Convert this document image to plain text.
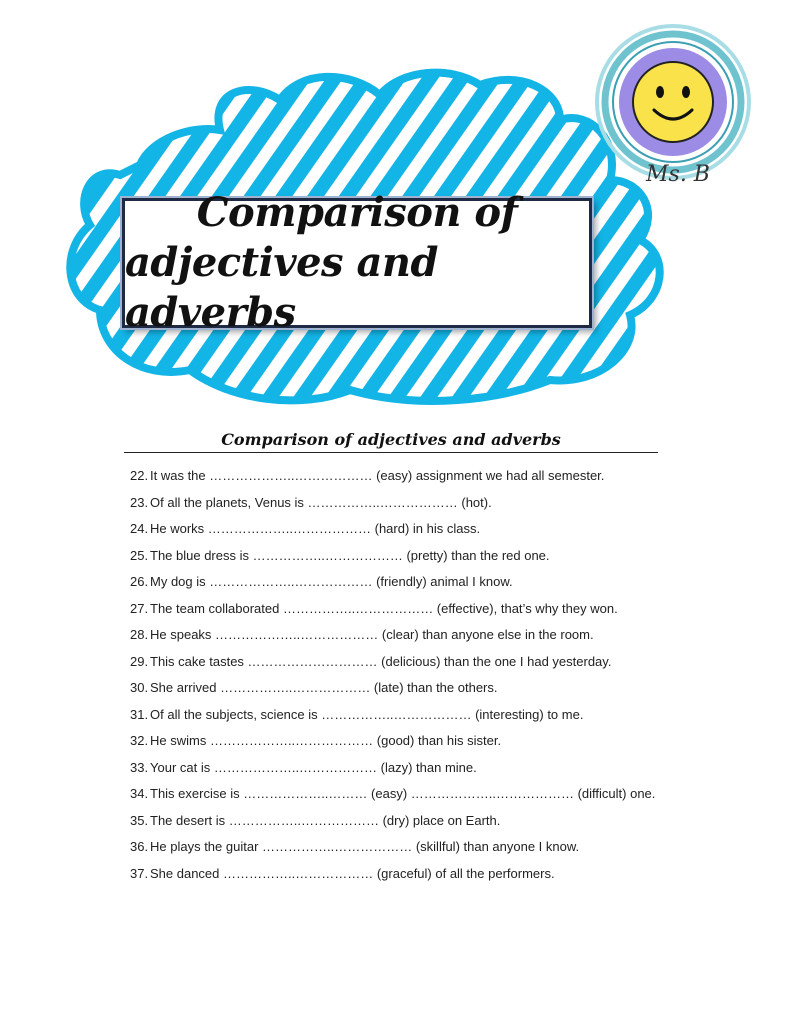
Comparison of
adjectives and adverbs
Ms. B
Comparison of adjectives and adverbs
22. It was the ………………..……………… (easy) assignment we had all semester.
23. Of all the planets, Venus is ……………..……………… (hot).
24. He works ………………..……………… (hard) in his class.
25. The blue dress is ……………..……………… (pretty) than the red one.
26. My dog is ………………..……………… (friendly) animal I know.
27. The team collaborated ……………..……………… (effective), that’s why they won.
28. He speaks ………………..……………… (clear) than anyone else in the room.
29. This cake tastes ………………………… (delicious) than the one I had yesterday.
30. She arrived ……………..……………… (late) than the others.
31. Of all the subjects, science is ……………..……………… (interesting) to me.
32. He swims ………………..……………… (good) than his sister.
33. Your cat is ………………..……………… (lazy) than mine.
34. This exercise is ………………..……… (easy) ………………..……………… (difficult) one.
35. The desert is ……………..……………… (dry) place on Earth.
36. He plays the guitar ……………..……………… (skillful) than anyone I know.
37. She danced ……………..……………… (graceful) of all the performers.
